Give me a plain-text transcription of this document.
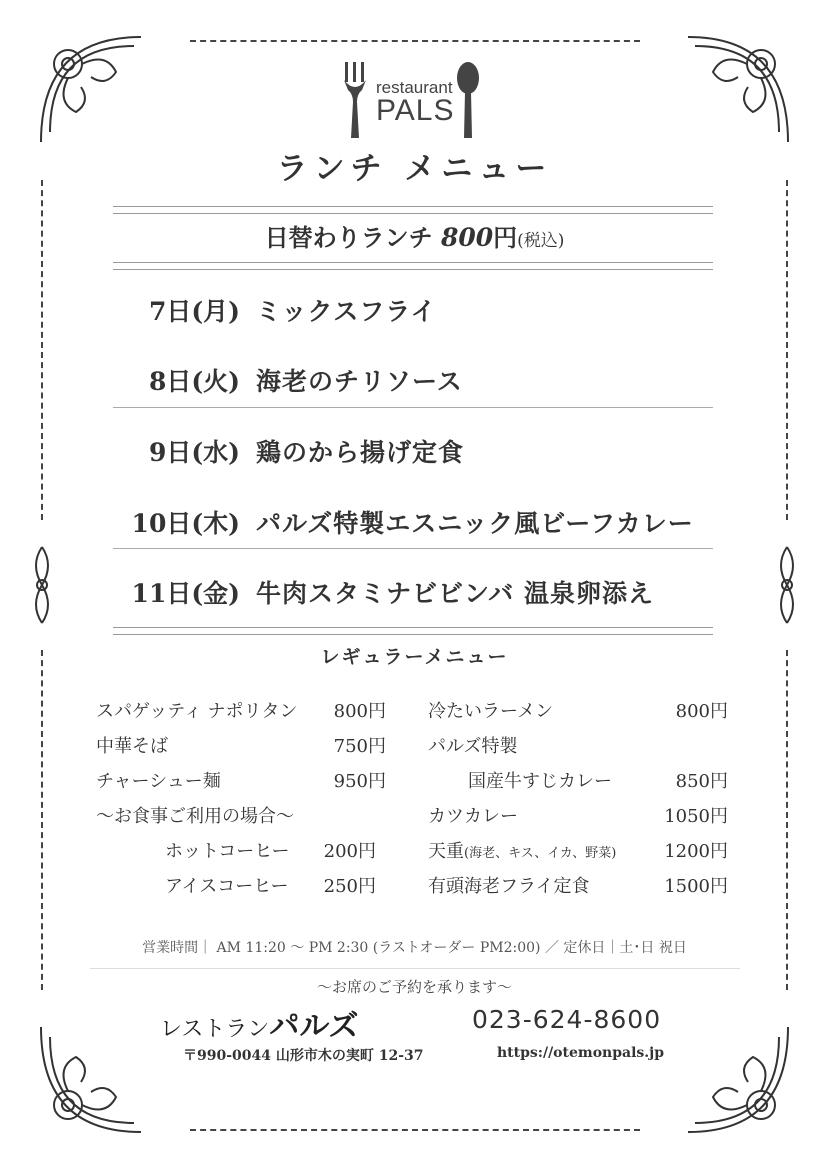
restaurant
PALS
ランチ メニュー
日替わりランチ 800円(税込)
7日(月) ミックスフライ
8日(火) 海老のチリソース
9日(水) 鶏のから揚げ定食
10日(木) パルズ特製エスニック風ビーフカレー
11日(金) 牛肉スタミナビビンバ 温泉卵添え
レギュラーメニュー
スパゲッティ ナポリタン	800円
中華そば	750円
チャーシュー麺	950円
～お食事ご利用の場合～
ホットコーヒー	200円
アイスコーヒー	250円
冷たいラーメン	800円
パルズ特製
国産牛すじカレー	850円
カツカレー	1050円
天重(海老、キス、イカ、野菜)	1200円
有頭海老フライ定食	1500円
営業時間｜ AM 11:20 ～ PM 2:30 (ラストオーダー PM2:00) ／ 定休日｜土･日 祝日
～お席のご予約を承ります～
レストランパルズ	023-624-8600
〒990-0044 山形市木の実町 12-37	https://otemonpals.jp
